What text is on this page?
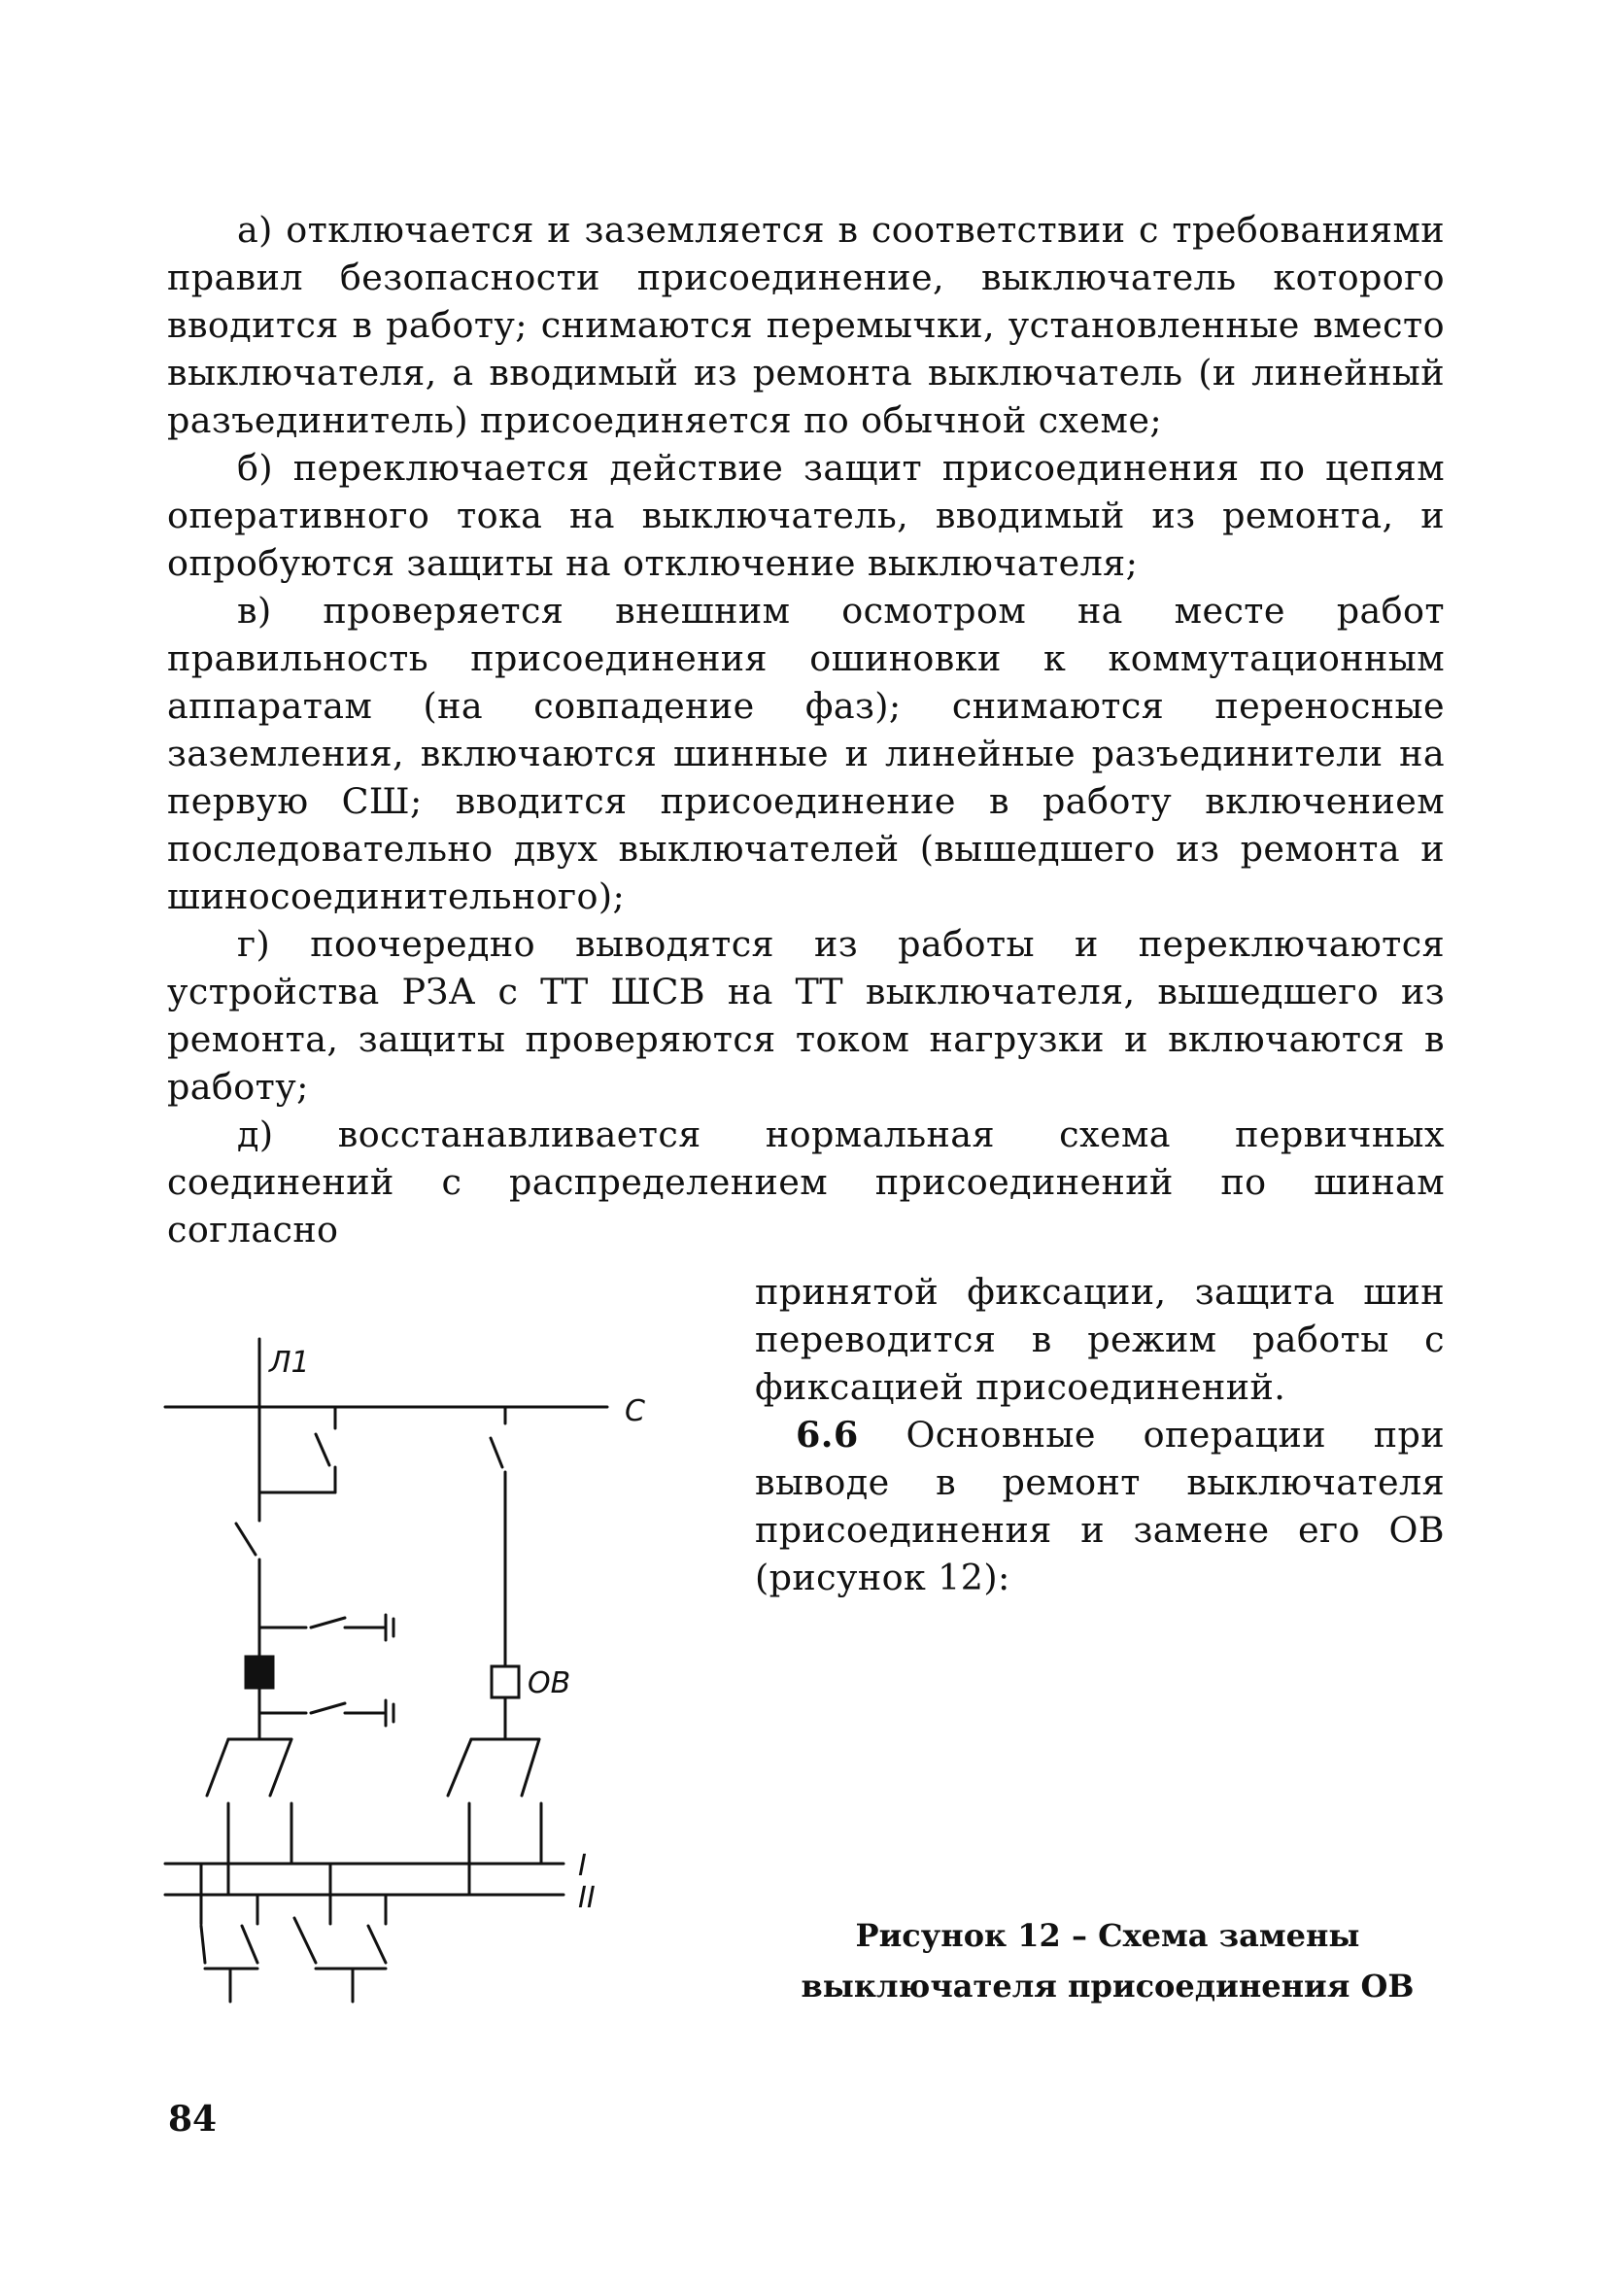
а) отключается и заземляется в соответствии с требованиями правил безопасности присоединение, выключатель которого вводится в работу; снимаются перемычки, установленные вместо выключателя, а вводимый из ремонта выключатель (и линейный разъединитель) присоединяется по обычной схеме;

б) переключается действие защит присоединения по цепям оперативного тока на выключатель, вводимый из ремонта, и опробуются защиты на отключение выключателя;

в) проверяется внешним осмотром на месте работ правильность присоединения ошиновки к коммутационным аппаратам (на совпадение фаз); снимаются переносные заземления, включаются шинные и линейные разъединители на первую СШ; вводится присоединение в работу включением последовательно двух выключателей (вышедшего из ремонта и шиносоединительного);

г) поочередно выводятся из работы и переключаются устройства РЗА с ТТ ШСВ на ТТ выключателя, вышедшего из ремонта, защиты проверяются током нагрузки и включаются в работу;

д) восстанавливается нормальная схема первичных соединений с распределением присоединений по шинам согласно

принятой фиксации, защита шин переводится в режим работы с фиксацией присоединений.

6.6 Основные операции при выводе в ремонт выключателя присоединения и замене его ОВ (рисунок 12):

С
Л1
ОВ
I
II
Рисунок 12 – Схема замены
выключателя присоединения ОВ
84
